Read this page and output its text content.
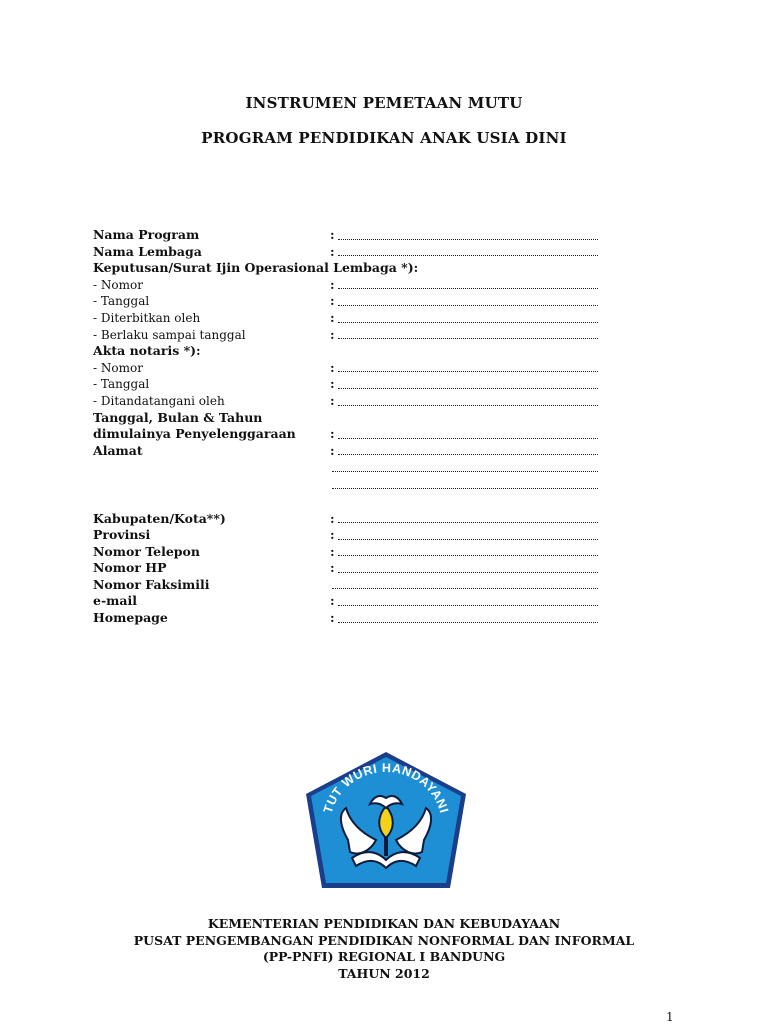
INSTRUMEN PEMETAAN MUTU
PROGRAM PENDIDIKAN ANAK USIA DINI
Nama Program	:
Nama Lembaga	:
Keputusan/Surat Ijin Operasional Lembaga *):
- Nomor	:
- Tanggal	:
- Diterbitkan oleh	:
- Berlaku sampai tanggal	:
Akta notaris *):
- Nomor	:
- Tanggal	:
- Ditandatangani oleh	:
Tanggal, Bulan & Tahun
dimulainya Penyelenggaraan	:
Alamat	:
Kabupaten/Kota**)	:
Provinsi	:
Nomor Telepon	:
Nomor HP	:
Nomor Faksimili
e-mail	:
Homepage	:
TUT WURI HANDAYANI
KEMENTERIAN PENDIDIKAN DAN KEBUDAYAAN
PUSAT PENGEMBANGAN PENDIDIKAN NONFORMAL DAN INFORMAL
(PP-PNFI) REGIONAL I BANDUNG
TAHUN 2012
1
